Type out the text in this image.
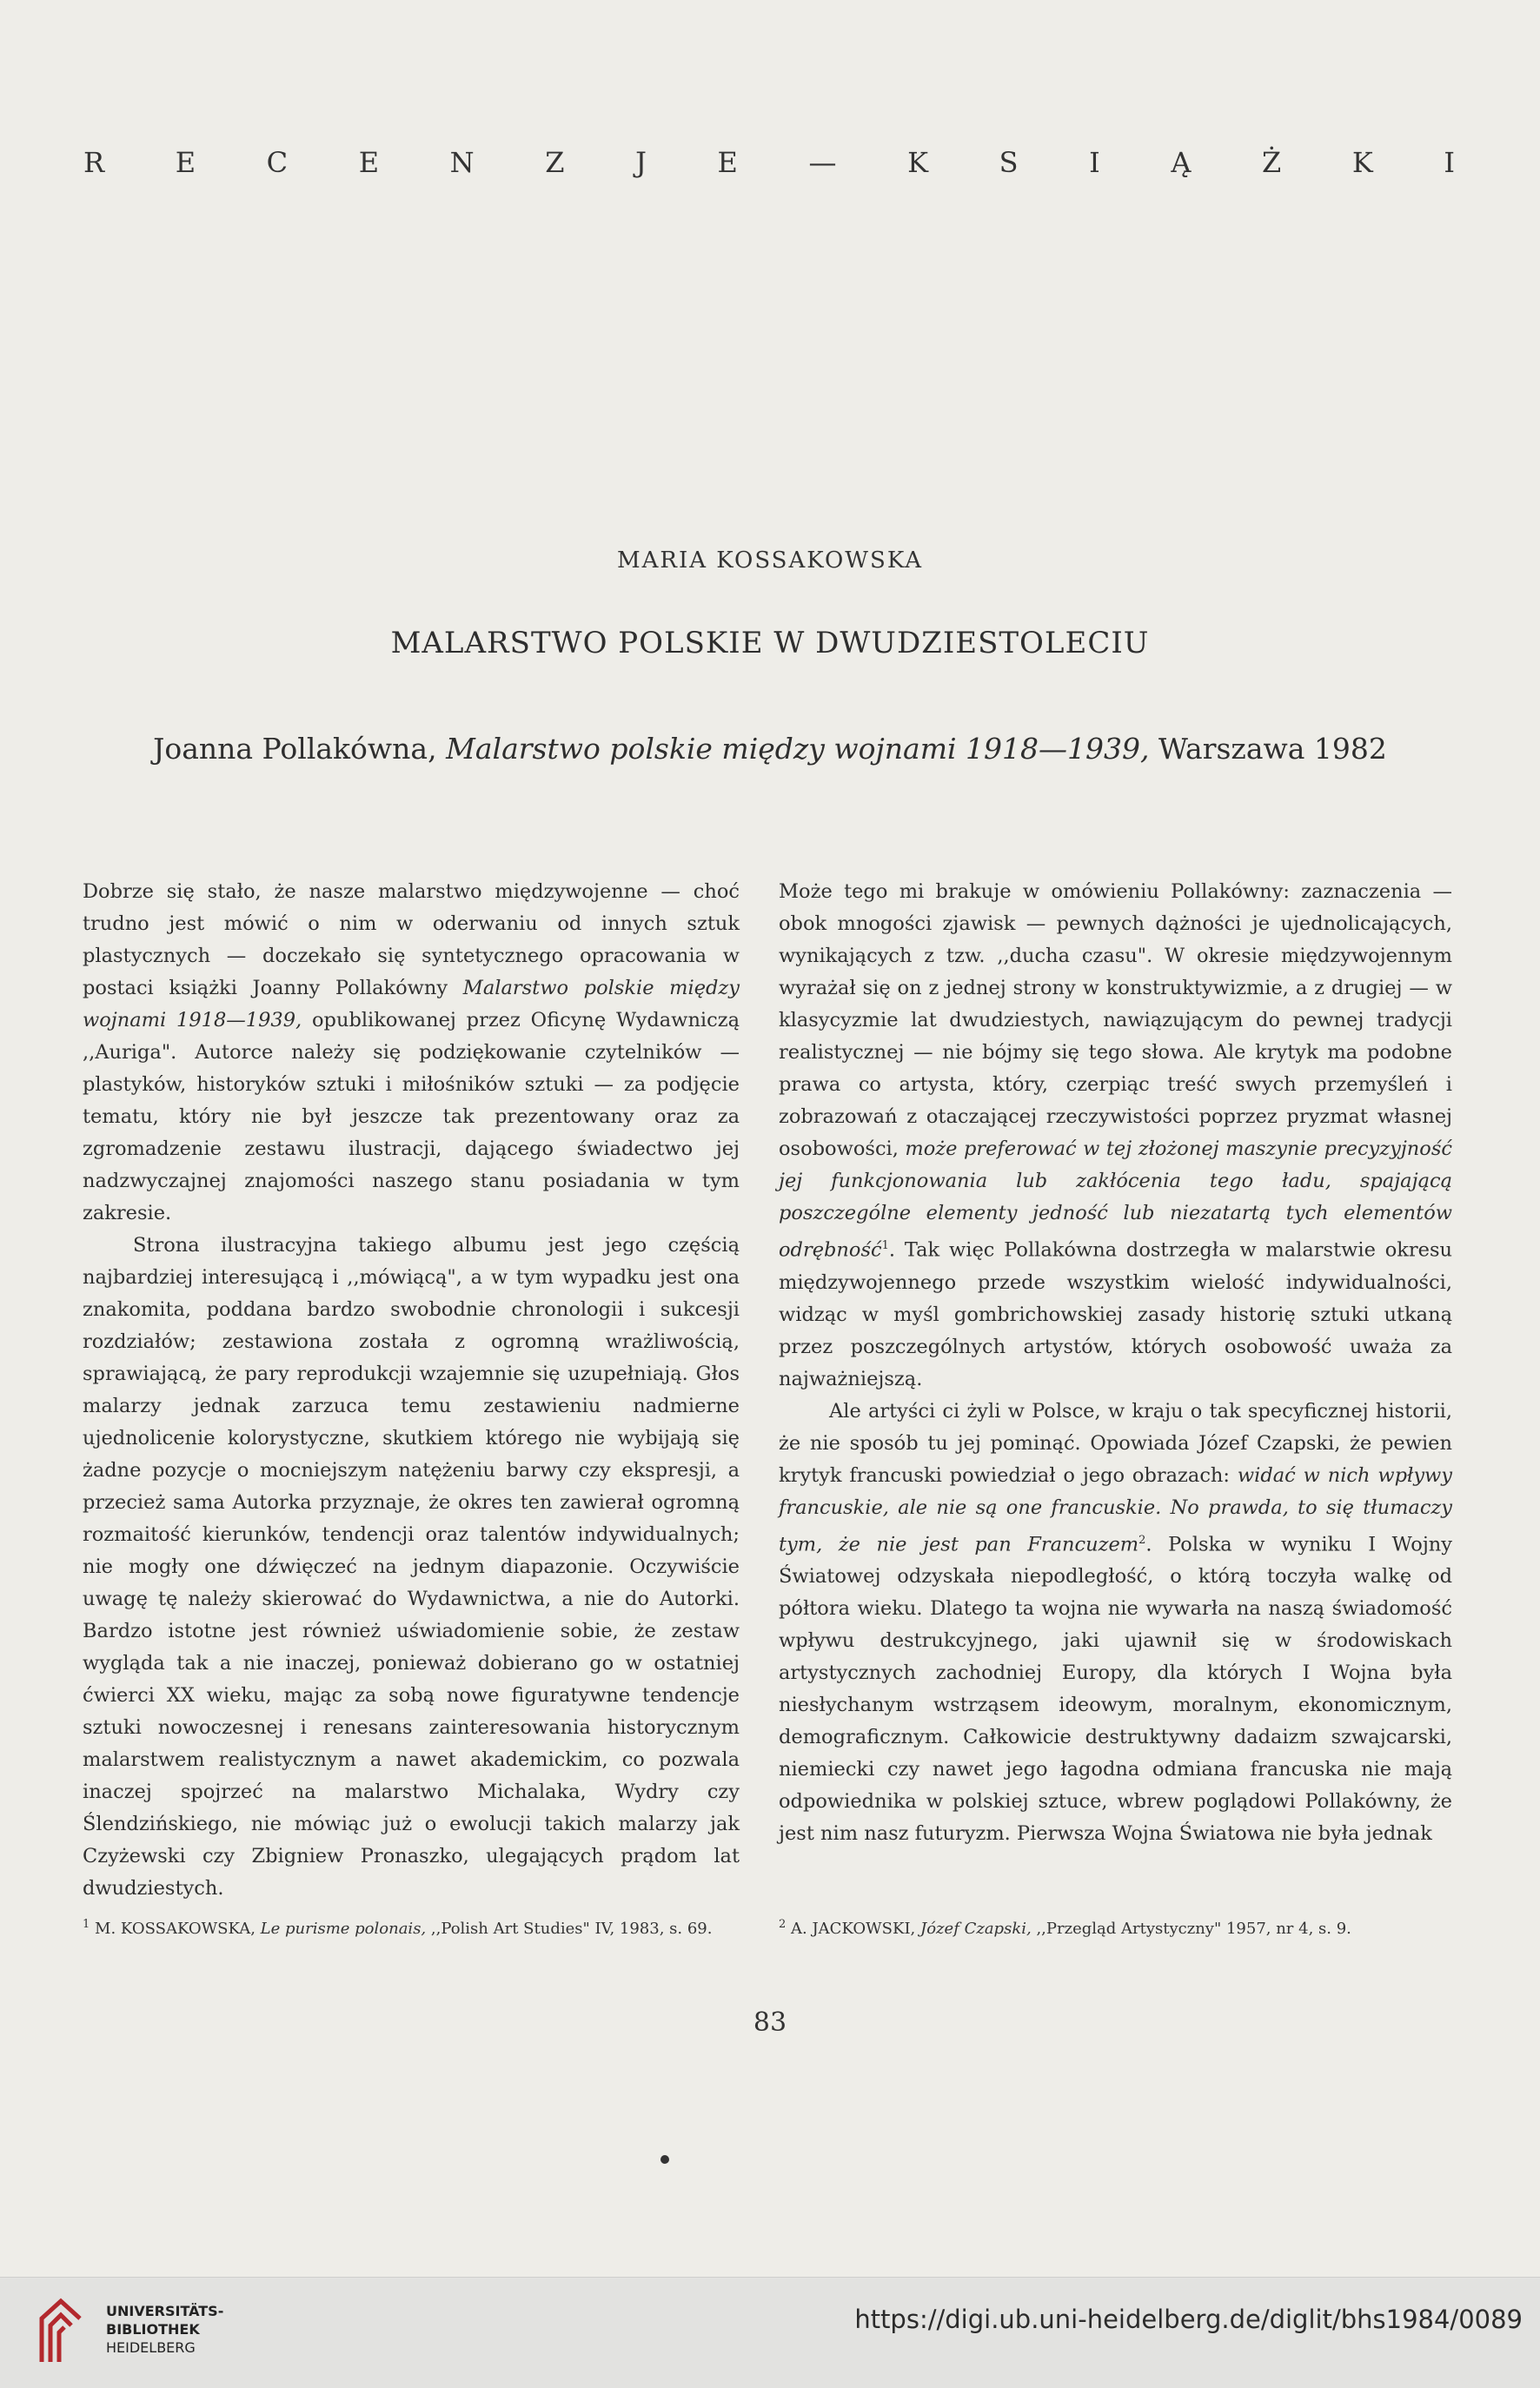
R E C E N Z J E — K S I Ą Ż K I
MARIA KOSSAKOWSKA
MALARSTWO POLSKIE W DWUDZIESTOLECIU
Joanna Pollakówna, Malarstwo polskie między wojnami 1918—1939, Warszawa 1982

Dobrze się stało, że nasze malarstwo międzywojenne — choć trudno jest mówić o nim w oderwaniu od innych sztuk plastycznych — doczekało się syntetycznego opracowania w postaci książki Joanny Pollakówny Malarstwo polskie między wojnami 1918—1939, opublikowanej przez Oficynę Wydawniczą ,,Auriga". Autorce należy się podziękowanie czytelników — plastyków, historyków sztuki i miłośników sztuki — za podjęcie tematu, który nie był jeszcze tak prezentowany oraz za zgromadzenie zestawu ilustracji, dającego świadectwo jej nadzwyczajnej znajomości naszego stanu posiadania w tym zakresie.

Strona ilustracyjna takiego albumu jest jego częścią najbardziej interesującą i ,,mówiącą", a w tym wypadku jest ona znakomita, poddana bardzo swobodnie chronologii i sukcesji rozdziałów; zestawiona została z ogromną wrażliwością, sprawiającą, że pary reprodukcji wzajemnie się uzupełniają. Głos malarzy jednak zarzuca temu zestawieniu nadmierne ujednolicenie kolorystyczne, skutkiem którego nie wybijają się żadne pozycje o mocniejszym natężeniu barwy czy ekspresji, a przecież sama Autorka przyznaje, że okres ten zawierał ogromną rozmaitość kierunków, tendencji oraz talentów indywidualnych; nie mogły one dźwięczeć na jednym diapazonie. Oczywiście uwagę tę należy skierować do Wydawnictwa, a nie do Autorki. Bardzo istotne jest również uświadomienie sobie, że zestaw wygląda tak a nie inaczej, ponieważ dobierano go w ostatniej ćwierci XX wieku, mając za sobą nowe figuratywne tendencje sztuki nowoczesnej i renesans zainteresowania historycznym malarstwem realistycznym a nawet akademickim, co pozwala inaczej spojrzeć na malarstwo Michalaka, Wydry czy Ślendzińskiego, nie mówiąc już o ewolucji takich malarzy jak Czyżewski czy Zbigniew Pronaszko, ulegających prądom lat dwudziestych.

Może tego mi brakuje w omówieniu Pollakówny: zaznaczenia — obok mnogości zjawisk — pewnych dążności je ujednolicających, wynikających z tzw. ,,ducha czasu". W okresie międzywojennym wyrażał się on z jednej strony w konstruktywizmie, a z drugiej — w klasycyzmie lat dwudziestych, nawiązującym do pewnej tradycji realistycznej — nie bójmy się tego słowa. Ale krytyk ma podobne prawa co artysta, który, czerpiąc treść swych przemyśleń i zobrazowań z otaczającej rzeczywistości poprzez pryzmat własnej osobowości, może preferować w tej złożonej maszynie precyzyjność jej funkcjonowania lub zakłócenia tego ładu, spajającą poszczególne elementy jedność lub niezatartą tych elementów odrębność$^1$. Tak więc Pollakówna dostrzegła w malarstwie okresu międzywojennego przede wszystkim wielość indywidualności, widząc w myśl gombrichowskiej zasady historię sztuki utkaną przez poszczególnych artystów, których osobowość uważa za najważniejszą.

Ale artyści ci żyli w Polsce, w kraju o tak specyficznej historii, że nie sposób tu jej pominąć. Opowiada Józef Czapski, że pewien krytyk francuski powiedział o jego obrazach: widać w nich wpływy francuskie, ale nie są one francuskie. No prawda, to się tłumaczy tym, że nie jest pan Francuzem$^2$. Polska w wyniku I Wojny Światowej odzyskała niepodległość, o którą toczyła walkę od półtora wieku. Dlatego ta wojna nie wywarła na naszą świadomość wpływu destrukcyjnego, jaki ujawnił się w środowiskach artystycznych zachodniej Europy, dla których I Wojna była niesłychanym wstrząsem ideowym, moralnym, ekonomicznym, demograficznym. Całkowicie destruktywny dadaizm szwajcarski, niemiecki czy nawet jego łagodna odmiana francuska nie mają odpowiednika w polskiej sztuce, wbrew poglądowi Pollakówny, że jest nim nasz futuryzm. Pierwsza Wojna Światowa nie była jednak

$^1$ M. KOSSAKOWSKA, Le purisme polonais, ,,Polish Art Studies" IV, 1983, s. 69.	$^2$ A. JACKOWSKI, Józef Czapski, ,,Przegląd Artystyczny" 1957, nr 4, s. 9.
83
UNIVERSITÄTS-
BIBLIOTHEK
HEIDELBERG
https://digi.ub.uni-heidelberg.de/diglit/bhs1984/0089
